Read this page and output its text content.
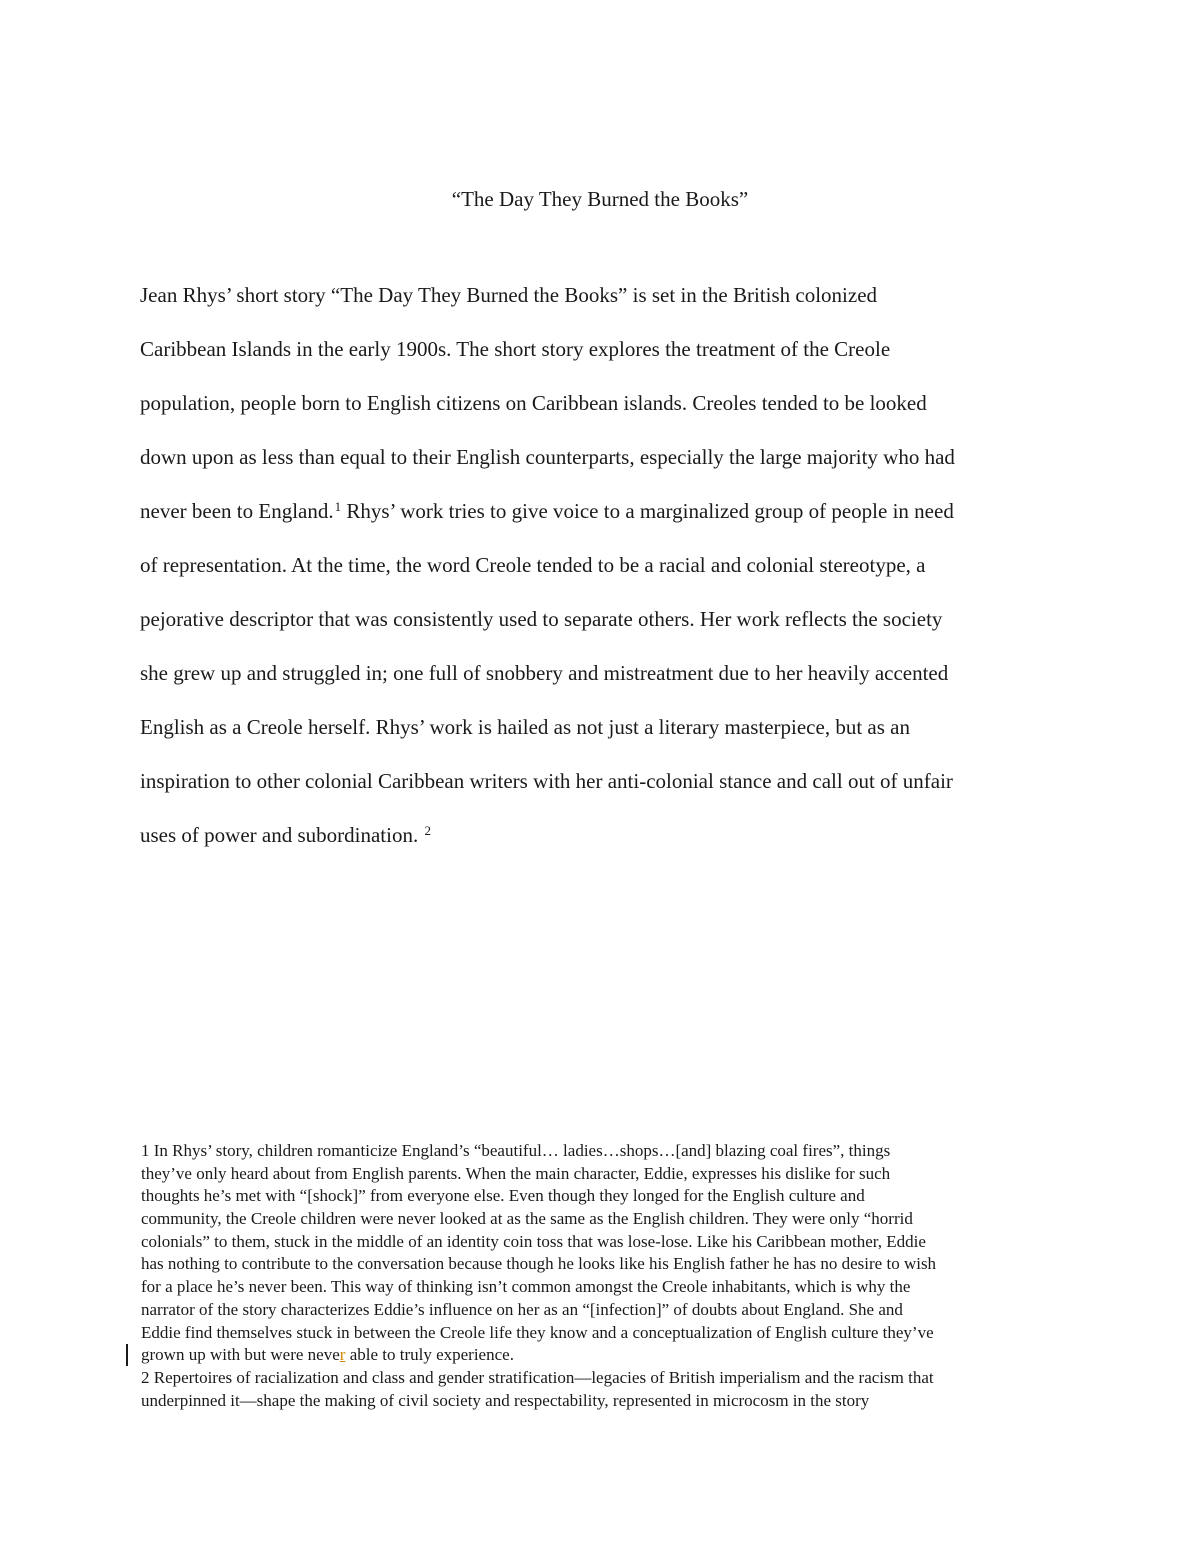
“The Day They Burned the Books”
Jean Rhys’ short story “The Day They Burned the Books” is set in the British colonized
Caribbean Islands in the early 1900s. The short story explores the treatment of the Creole
population, people born to English citizens on Caribbean islands. Creoles tended to be looked
down upon as less than equal to their English counterparts, especially the large majority who had
never been to England.$^1$ Rhys’ work tries to give voice to a marginalized group of people in need
of representation. At the time, the word Creole tended to be a racial and colonial stereotype, a
pejorative descriptor that was consistently used to separate others. Her work reflects the society
she grew up and struggled in; one full of snobbery and mistreatment due to her heavily accented
English as a Creole herself. Rhys’ work is hailed as not just a literary masterpiece, but as an
inspiration to other colonial Caribbean writers with her anti-colonial stance and call out of unfair
uses of power and subordination. $^2$
1 In Rhys’ story, children romanticize England’s “beautiful… ladies…shops…[and] blazing coal fires”, things
they’ve only heard about from English parents. When the main character, Eddie, expresses his dislike for such
thoughts he’s met with “[shock]” from everyone else. Even though they longed for the English culture and
community, the Creole children were never looked at as the same as the English children. They were only “horrid
colonials” to them, stuck in the middle of an identity coin toss that was lose-lose. Like his Caribbean mother, Eddie
has nothing to contribute to the conversation because though he looks like his English father he has no desire to wish
for a place he’s never been. This way of thinking isn’t common amongst the Creole inhabitants, which is why the
narrator of the story characterizes Eddie’s influence on her as an “[infection]” of doubts about England. She and
Eddie find themselves stuck in between the Creole life they know and a conceptualization of English culture they’ve
grown up with but were never able to truly experience.
2 Repertoires of racialization and class and gender stratification—legacies of British imperialism and the racism that
underpinned it—shape the making of civil society and respectability, represented in microcosm in the story
